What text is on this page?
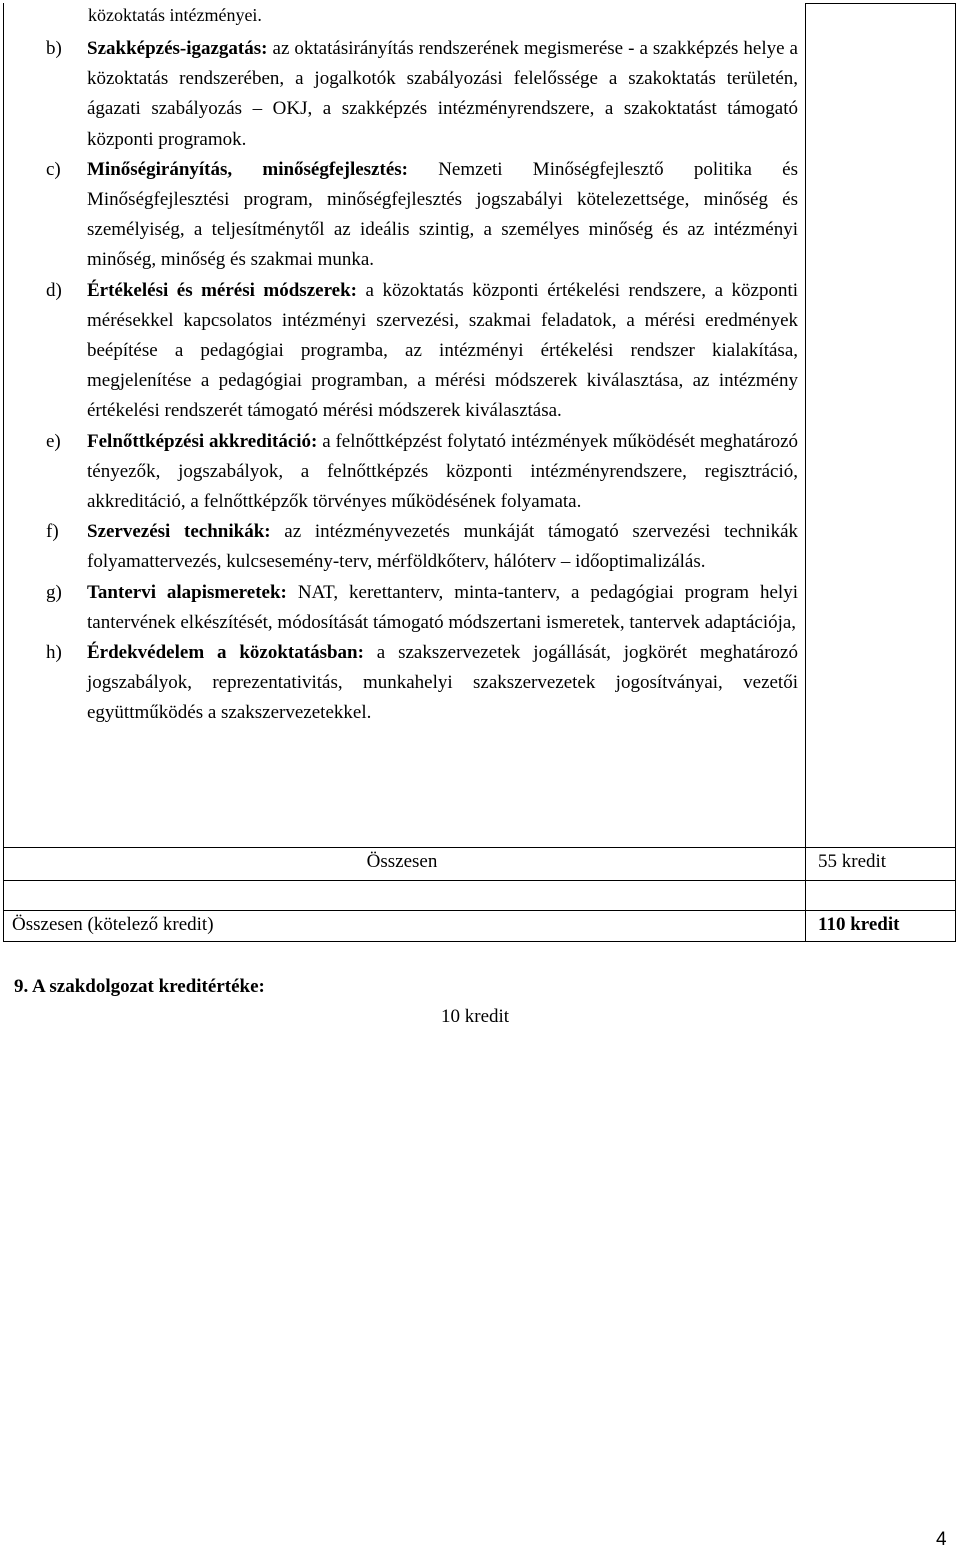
közoktatás intézményei.
b) Szakképzés-igazgatás: az oktatásirányítás rendszerének megismerése - a szakképzés helye a közoktatás rendszerében, a jogalkotók szabályozási felelőssége a szakoktatás területén, ágazati szabályozás – OKJ, a szakképzés intézményrendszere, a szakoktatást támogató központi programok.
c) Minőségirányítás, minőségfejlesztés: Nemzeti Minőségfejlesztő politika és Minőségfejlesztési program, minőségfejlesztés jogszabályi kötelezettsége, minőség és személyiség, a teljesítménytől az ideális szintig, a személyes minőség és az intézményi minőség, minőség és szakmai munka.
d) Értékelési és mérési módszerek: a közoktatás központi értékelési rendszere, a központi mérésekkel kapcsolatos intézményi szervezési, szakmai feladatok, a mérési eredmények beépítése a pedagógiai programba, az intézményi értékelési rendszer kialakítása, megjelenítése a pedagógiai programban, a mérési módszerek kiválasztása, az intézmény értékelési rendszerét támogató mérési módszerek kiválasztása.
e) Felnőttképzési akkreditáció: a felnőttképzést folytató intézmények működését meghatározó tényezők, jogszabályok, a felnőttképzés központi intézményrendszere, regisztráció, akkreditáció, a felnőttképzők törvényes működésének folyamata.
f) Szervezési technikák: az intézményvezetés munkáját támogató szervezési technikák folyamattervezés, kulcsesemény-terv, mérföldkőterv, hálóterv – időoptimalizálás.
g) Tantervi alapismeretek: NAT, kerettanterv, minta-tanterv, a pedagógiai program helyi tantervének elkészítését, módosítását támogató módszertani ismeretek, tantervek adaptációja,
h) Érdekvédelem a közoktatásban: a szakszervezetek jogállását, jogkörét meghatározó jogszabályok, reprezentativitás, munkahelyi szakszervezetek jogosítványai, vezetői együttműködés a szakszervezetekkel.
Összesen	55 kredit
Összesen (kötelező kredit)	110 kredit
9. A szakdolgozat kreditértéke:
10 kredit
4
